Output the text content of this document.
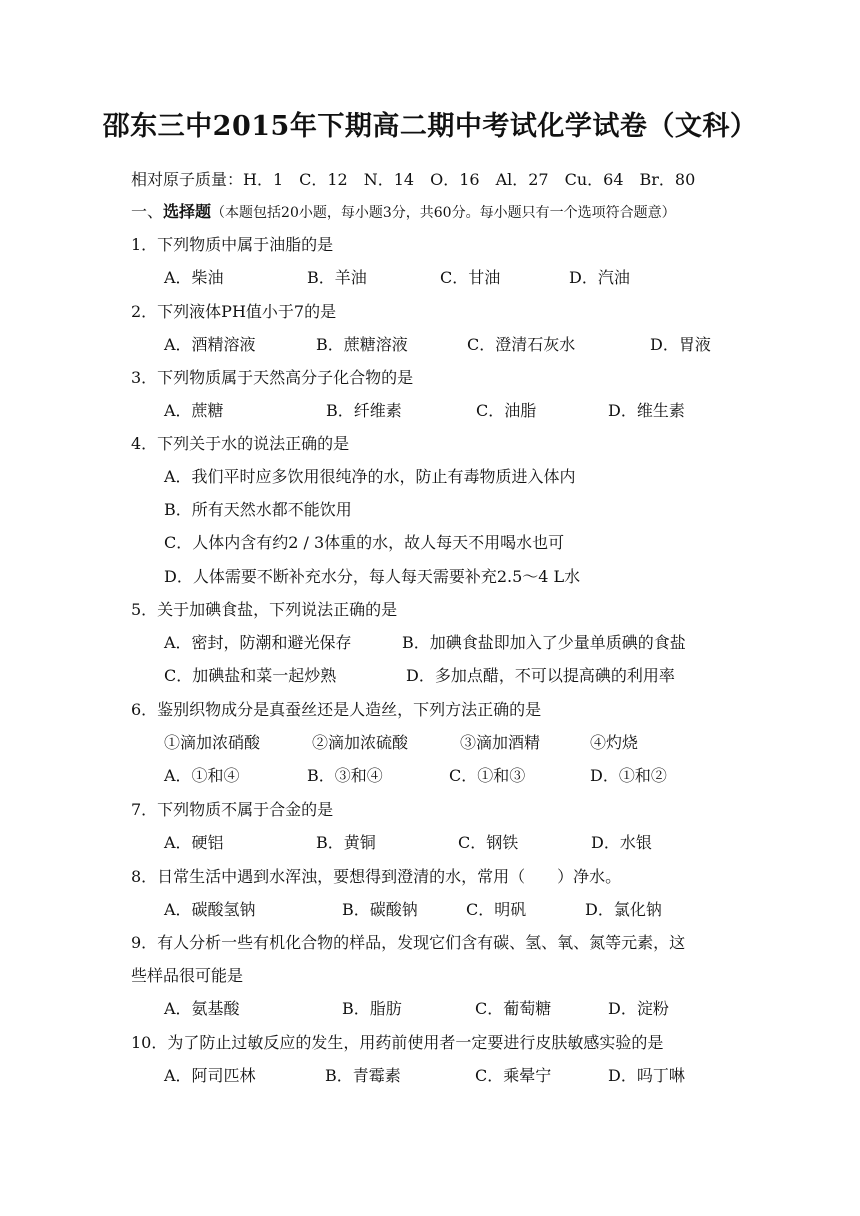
邵东三中2015年下期高二期中考试化学试卷（文科）
相对原子质量：H．1　C．12　N．14　O．16　Al．27　Cu．64　Br．80
一、选择题（本题包括20小题，每小题3分，共60分。每小题只有一个选项符合题意）
1．下列物质中属于油脂的是
A．柴油	B．羊油	C．甘油	D．汽油
2．下列液体PH值小于7的是
A．酒精溶液	B．蔗糖溶液	C．澄清石灰水	D．胃液
3．下列物质属于天然高分子化合物的是
A．蔗糖	B．纤维素	C．油脂	D．维生素
4．下列关于水的说法正确的是
A．我们平时应多饮用很纯净的水，防止有毒物质进入体内
B．所有天然水都不能饮用
C．人体内含有约2 / 3体重的水，故人每天不用喝水也可
D．人体需要不断补充水分，每人每天需要补充2.5～4 L水
5．关于加碘食盐，下列说法正确的是
A．密封，防潮和避光保存	B．加碘食盐即加入了少量单质碘的食盐
C．加碘盐和菜一起炒熟	D．多加点醋，不可以提高碘的利用率
6．鉴别织物成分是真蚕丝还是人造丝，下列方法正确的是
①滴加浓硝酸	②滴加浓硫酸	③滴加酒精	④灼烧
A．①和④	B．③和④	C．①和③	D．①和②
7．下列物质不属于合金的是
A．硬铝	B．黄铜	C．钢铁	D．水银
8．日常生活中遇到水浑浊，要想得到澄清的水，常用（　　）净水。
A．碳酸氢钠	B．碳酸钠	C．明矾	D．氯化钠
9．有人分析一些有机化合物的样品，发现它们含有碳、氢、氧、氮等元素，这
些样品很可能是
A．氨基酸	B．脂肪	C．葡萄糖	D．淀粉
10．为了防止过敏反应的发生，用药前使用者一定要进行皮肤敏感实验的是
A．阿司匹林	B．青霉素	C．乘晕宁	D．吗丁啉
